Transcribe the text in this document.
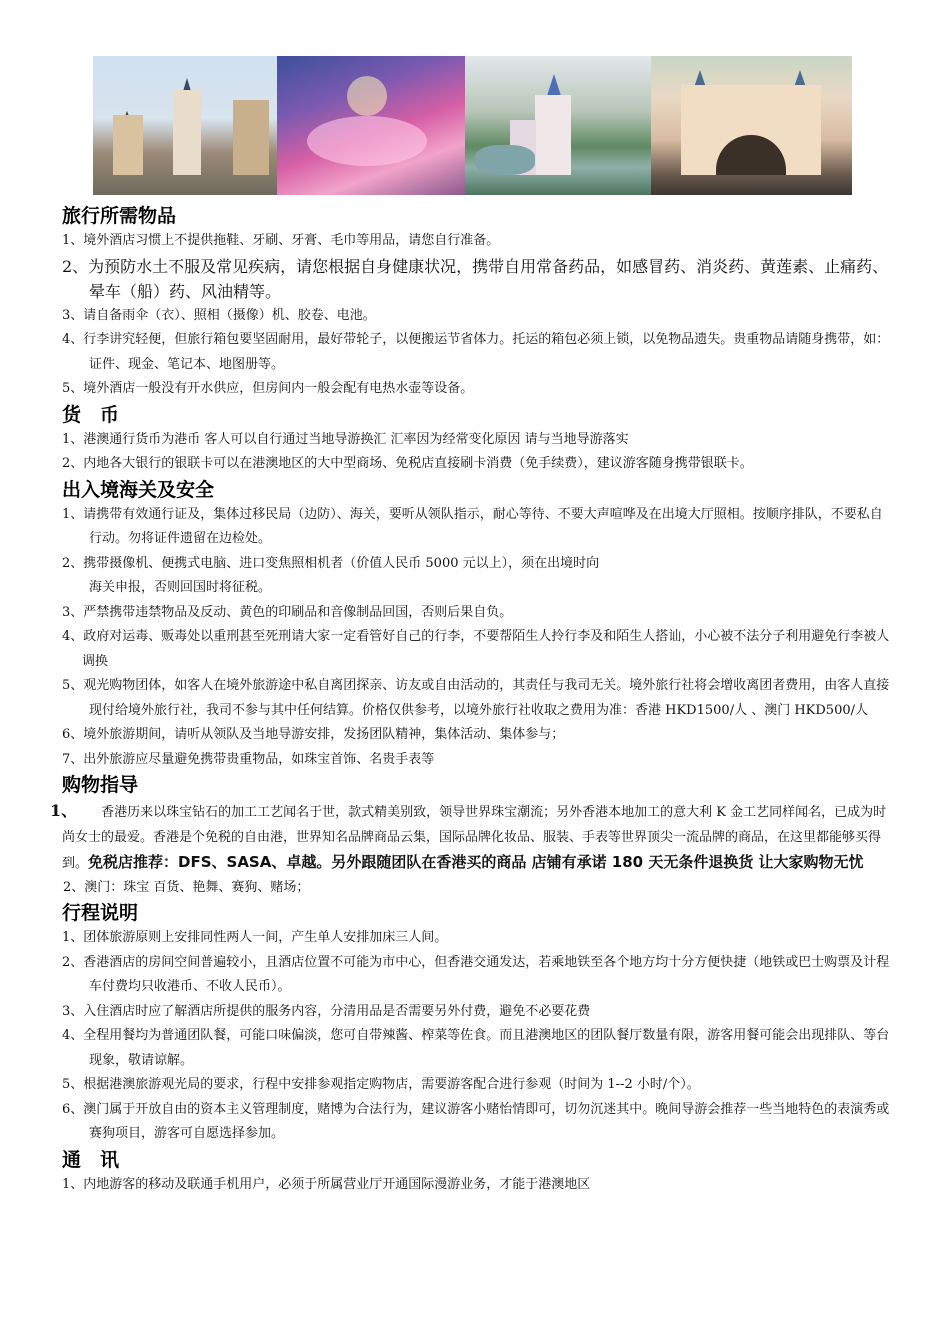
旅行所需物品

1、境外酒店习惯上不提供拖鞋、牙刷、牙膏、毛巾等用品，请您自行准备。

2、为预防水土不服及常见疾病，请您根据自身健康状况，携带自用常备药品，如感冒药、消炎药、黄莲素、止痛药、晕车（船）药、风油精等。

3、请自备雨伞（衣）、照相（摄像）机、胶卷、电池。

4、行李讲究轻便，但旅行箱包要坚固耐用，最好带轮子，以便搬运节省体力。托运的箱包必须上锁，以免物品遗失。贵重物品请随身携带，如：证件、现金、笔记本、地图册等。

5、境外酒店一般没有开水供应，但房间内一般会配有电热水壶等设备。

货　币

1、港澳通行货币为港币 客人可以自行通过当地导游换汇 汇率因为经常变化原因 请与当地导游落实

2、内地各大银行的银联卡可以在港澳地区的大中型商场、免税店直接刷卡消费（免手续费），建议游客随身携带银联卡。

出入境海关及安全

1、请携带有效通行证及，集体过移民局（边防）、海关，要听从领队指示，耐心等待、不要大声喧哗及在出境大厅照相。按顺序排队，不要私自行动。勿将证件遗留在边检处。

2、携带摄像机、便携式电脑、进口变焦照相机者（价值人民币 5000 元以上），须在出境时向

海关申报，否则回国时将征税。

3、严禁携带违禁物品及反动、黄色的印刷品和音像制品回国，否则后果自负。

4、政府对运毒、贩毒处以重刑甚至死刑请大家一定看管好自己的行李，不要帮陌生人拎行李及和陌生人搭讪，小心被不法分子利用避免行李被人调换

5、观光购物团体，如客人在境外旅游途中私自离团探亲、访友或自由活动的，其责任与我司无关。境外旅行社将会增收离团者费用，由客人直接现付给境外旅行社，我司不参与其中任何结算。价格仅供参考，以境外旅行社收取之费用为准：香港 HKD1500/人 、澳门 HKD500/人

6、境外旅游期间，请听从领队及当地导游安排，发扬团队精神，集体活动、集体参与；

7、出外旅游应尽量避免携带贵重物品，如珠宝首饰、名贵手表等

购物指导

1、 香港历来以珠宝钻石的加工工艺闻名于世，款式精美别致，领导世界珠宝潮流；另外香港本地加工的意大利 K 金工艺同样闻名，已成为时尚女士的最爱。香港是个免税的自由港，世界知名品牌商品云集，国际品牌化妆品、服装、手表等世界顶尖一流品牌的商品，在这里都能够买得到。免税店推荐：DFS、SASA、卓越。另外跟随团队在香港买的商品 店铺有承诺 180 天无条件退换货 让大家购物无忧

2、澳门：珠宝 百货、艳舞、赛狗、赌场；

行程说明

1、团体旅游原则上安排同性两人一间，产生单人安排加床三人间。

2、香港酒店的房间空间普遍较小，且酒店位置不可能为市中心，但香港交通发达，若乘地铁至各个地方均十分方便快捷（地铁或巴士购票及计程车付费均只收港币、不收人民币）。

3、入住酒店时应了解酒店所提供的服务内容，分清用品是否需要另外付费，避免不必要花费

4、全程用餐均为普通团队餐，可能口味偏淡，您可自带辣酱、榨菜等佐食。而且港澳地区的团队餐厅数量有限，游客用餐可能会出现排队、等台现象，敬请谅解。

5、根据港澳旅游观光局的要求，行程中安排参观指定购物店，需要游客配合进行参观（时间为 1--2 小时/个）。

6、澳门属于开放自由的资本主义管理制度，赌博为合法行为，建议游客小赌怡情即可，切勿沉迷其中。晚间导游会推荐一些当地特色的表演秀或赛狗项目，游客可自愿选择参加。

通　讯

1、内地游客的移动及联通手机用户，必须于所属营业厅开通国际漫游业务，才能于港澳地区
